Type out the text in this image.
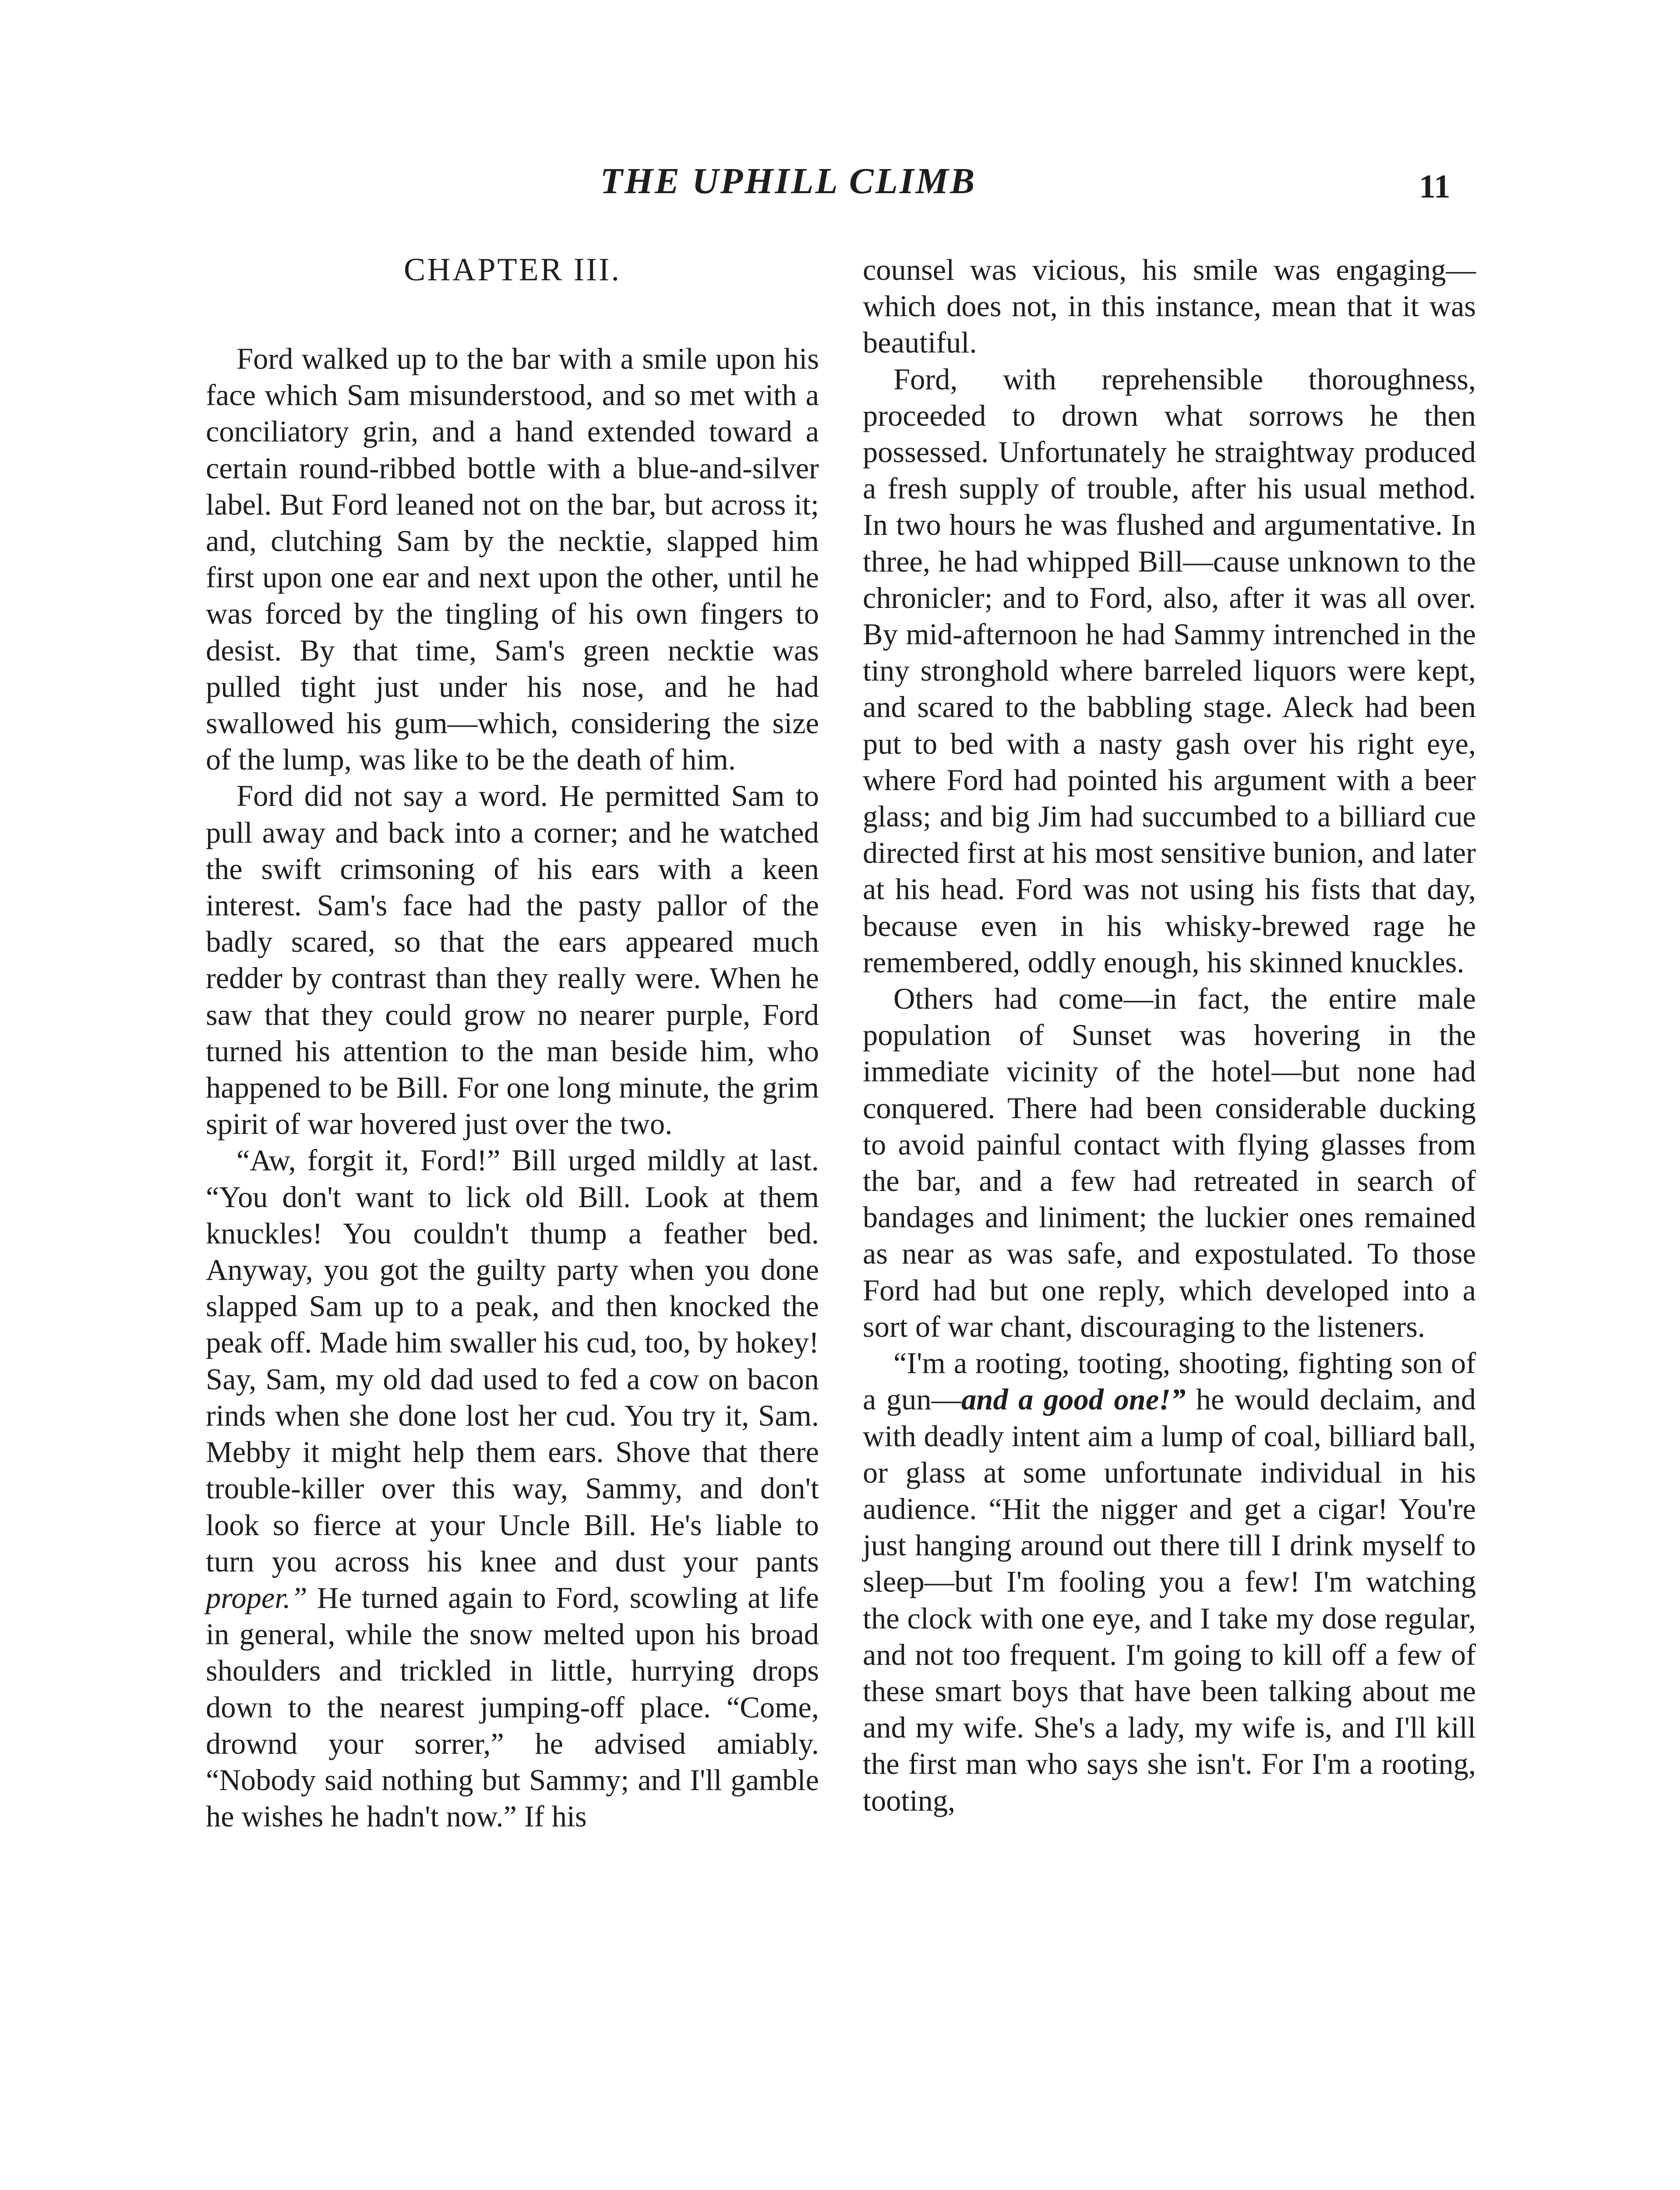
THE UPHILL CLIMB	11
CHAPTER III.

Ford walked up to the bar with a smile upon his face which Sam misunderstood, and so met with a conciliatory grin, and a hand extended toward a certain round-ribbed bottle with a blue-and-silver label. But Ford leaned not on the bar, but across it; and, clutching Sam by the necktie, slapped him first upon one ear and next upon the other, until he was forced by the tingling of his own fingers to desist. By that time, Sam's green necktie was pulled tight just under his nose, and he had swallowed his gum—which, considering the size of the lump, was like to be the death of him.

Ford did not say a word. He permitted Sam to pull away and back into a corner; and he watched the swift crimsoning of his ears with a keen interest. Sam's face had the pasty pallor of the badly scared, so that the ears appeared much redder by contrast than they really were. When he saw that they could grow no nearer purple, Ford turned his attention to the man beside him, who happened to be Bill. For one long minute, the grim spirit of war hovered just over the two.

“Aw, forgit it, Ford!” Bill urged mildly at last. “You don't want to lick old Bill. Look at them knuckles! You couldn't thump a feather bed. Anyway, you got the guilty party when you done slapped Sam up to a peak, and then knocked the peak off. Made him swaller his cud, too, by hokey! Say, Sam, my old dad used to fed a cow on bacon rinds when she done lost her cud. You try it, Sam. Mebby it might help them ears. Shove that there trouble-killer over this way, Sammy, and don't look so fierce at your Uncle Bill. He's liable to turn you across his knee and dust your pants proper.” He turned again to Ford, scowling at life in general, while the snow melted upon his broad shoulders and trickled in little, hurrying drops down to the nearest jumping-off place. “Come, drownd your sorrer,” he advised amiably. “Nobody said nothing but Sammy; and I'll gamble he wishes he hadn't now.” If his

counsel was vicious, his smile was engaging—which does not, in this instance, mean that it was beautiful.

Ford, with reprehensible thoroughness, proceeded to drown what sorrows he then possessed. Unfortunately he straightway produced a fresh supply of trouble, after his usual method. In two hours he was flushed and argumentative. In three, he had whipped Bill—cause unknown to the chronicler; and to Ford, also, after it was all over. By mid-afternoon he had Sammy intrenched in the tiny stronghold where barreled liquors were kept, and scared to the babbling stage. Aleck had been put to bed with a nasty gash over his right eye, where Ford had pointed his argument with a beer glass; and big Jim had succumbed to a billiard cue directed first at his most sensitive bunion, and later at his head. Ford was not using his fists that day, because even in his whisky-brewed rage he remembered, oddly enough, his skinned knuckles.

Others had come—in fact, the entire male population of Sunset was hovering in the immediate vicinity of the hotel—but none had conquered. There had been considerable ducking to avoid painful contact with flying glasses from the bar, and a few had retreated in search of bandages and liniment; the luckier ones remained as near as was safe, and expostulated. To those Ford had but one reply, which developed into a sort of war chant, discouraging to the listeners.

“I'm a rooting, tooting, shooting, fighting son of a gun—and a good one!” he would declaim, and with deadly intent aim a lump of coal, billiard ball, or glass at some unfortunate individual in his audience. “Hit the nigger and get a cigar! You're just hanging around out there till I drink myself to sleep—but I'm fooling you a few! I'm watching the clock with one eye, and I take my dose regular, and not too frequent. I'm going to kill off a few of these smart boys that have been talking about me and my wife. She's a lady, my wife is, and I'll kill the first man who says she isn't. For I'm a rooting, tooting,
